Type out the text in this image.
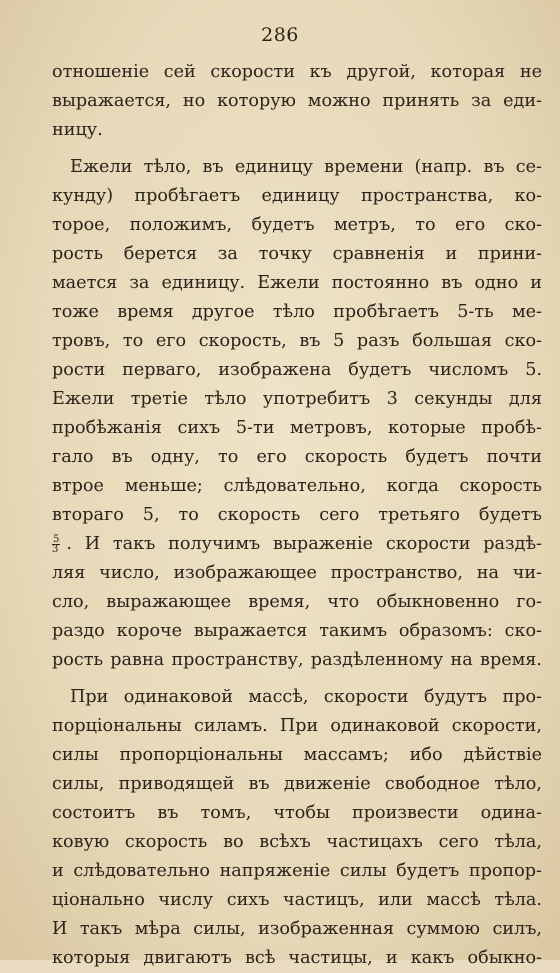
286
отношенiе сей скорости къ другой, которая не
выражается, но которую можно принять за еди-
ницу.
Ежели тѣло, въ единицу времени (напр. въ се-
кунду) пробѣгаетъ единицу пространства, ко-
торое, положимъ, будетъ метръ, то его ско-
рость берется за точку сравненiя и прини-
мается за единицу. Ежели постоянно въ одно и
тоже время другое тѣло пробѣгаетъ 5-ть ме-
тровъ, то его скорость, въ 5 разъ большая ско-
рости перваго, изображена будетъ числомъ 5.
Ежели третiе тѣло употребитъ 3 секунды для
пробѣжанiя сихъ 5-ти метровъ, которые пробѣ-
гало въ одну, то его скорость будетъ почти
втрое меньше; слѣдовательно, когда скорость
втораго 5, то скорость сего третьяго будетъ
$\frac{5}{3}$ . И такъ получимъ выраженiе скорости раздѣ-
ляя число, изображающее пространство, на чи-
сло, выражающее время, что обыкновенно го-
раздо короче выражается такимъ образомъ: ско-
рость равна пространству, раздѣленному на время.
При одинаковой массѣ, скорости будутъ про-
порцiональны силамъ. При одинаковой скорости,
силы пропорцiональны массамъ; ибо дѣйствiе
силы, приводящей въ движенiе свободное тѣло,
состоитъ въ томъ, чтобы произвести одина-
ковую скорость во всѣхъ частицахъ сего тѣла,
и слѣдовательно напряженiе силы будетъ пропор-
цiонально числу сихъ частицъ, или массѣ тѣла.
И такъ мѣра силы, изображенная суммою силъ,
которыя двигаютъ всѣ частицы, и какъ обыкно-
